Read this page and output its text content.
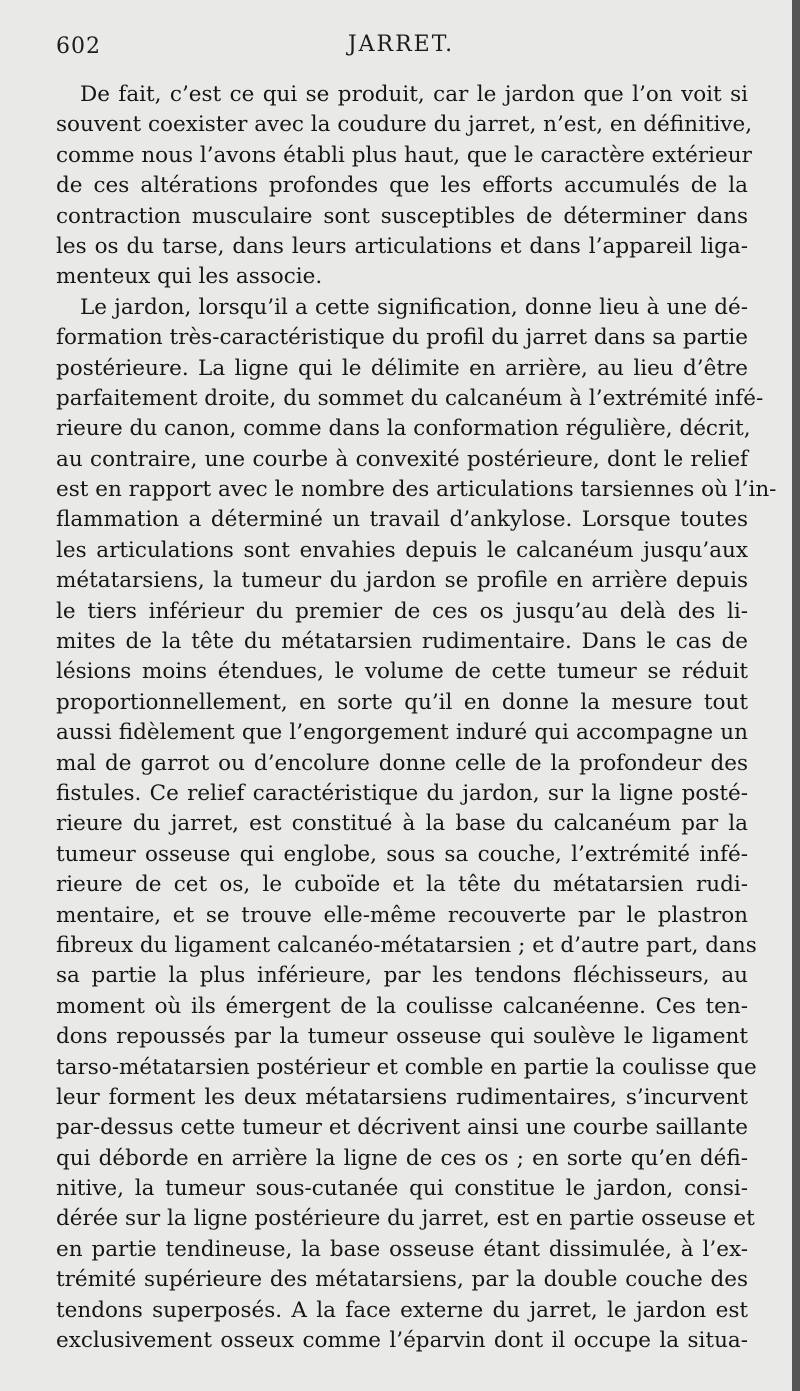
602	JARRET.
De fait, c’est ce qui se produit, car le jardon que l’on voit si
souvent coexister avec la coudure du jarret, n’est, en définitive,
comme nous l’avons établi plus haut, que le caractère extérieur
de ces altérations profondes que les efforts accumulés de la
contraction musculaire sont susceptibles de déterminer dans
les os du tarse, dans leurs articulations et dans l’appareil liga-
menteux qui les associe.
Le jardon, lorsqu’il a cette signification, donne lieu à une dé-
formation très-caractéristique du profil du jarret dans sa partie
postérieure. La ligne qui le délimite en arrière, au lieu d’être
parfaitement droite, du sommet du calcanéum à l’extrémité infé-
rieure du canon, comme dans la conformation régulière, décrit,
au contraire, une courbe à convexité postérieure, dont le relief
est en rapport avec le nombre des articulations tarsiennes où l’in-
flammation a déterminé un travail d’ankylose. Lorsque toutes
les articulations sont envahies depuis le calcanéum jusqu’aux
métatarsiens, la tumeur du jardon se profile en arrière depuis
le tiers inférieur du premier de ces os jusqu’au delà des li-
mites de la tête du métatarsien rudimentaire. Dans le cas de
lésions moins étendues, le volume de cette tumeur se réduit
proportionnellement, en sorte qu’il en donne la mesure tout
aussi fidèlement que l’engorgement induré qui accompagne un
mal de garrot ou d’encolure donne celle de la profondeur des
fistules. Ce relief caractéristique du jardon, sur la ligne posté-
rieure du jarret, est constitué à la base du calcanéum par la
tumeur osseuse qui englobe, sous sa couche, l’extrémité infé-
rieure de cet os, le cuboïde et la tête du métatarsien rudi-
mentaire, et se trouve elle-même recouverte par le plastron
fibreux du ligament calcanéo-métatarsien ; et d’autre part, dans
sa partie la plus inférieure, par les tendons fléchisseurs, au
moment où ils émergent de la coulisse calcanéenne. Ces ten-
dons repoussés par la tumeur osseuse qui soulève le ligament
tarso-métatarsien postérieur et comble en partie la coulisse que
leur forment les deux métatarsiens rudimentaires, s’incurvent
par-dessus cette tumeur et décrivent ainsi une courbe saillante
qui déborde en arrière la ligne de ces os ; en sorte qu’en défi-
nitive, la tumeur sous-cutanée qui constitue le jardon, consi-
dérée sur la ligne postérieure du jarret, est en partie osseuse et
en partie tendineuse, la base osseuse étant dissimulée, à l’ex-
trémité supérieure des métatarsiens, par la double couche des
tendons superposés. A la face externe du jarret, le jardon est
exclusivement osseux comme l’éparvin dont il occupe la situa-
